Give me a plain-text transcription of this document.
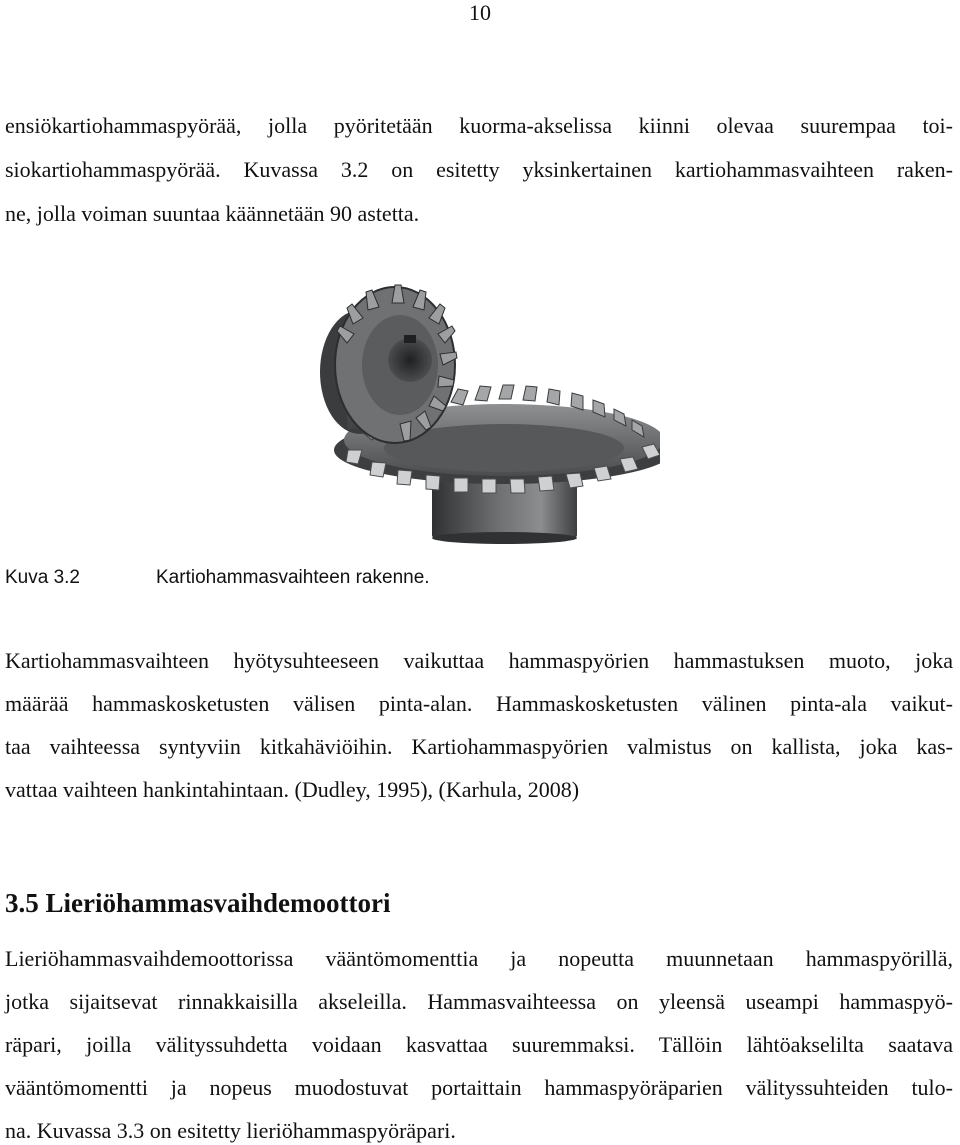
10
ensiökartiohammaspyörää, jolla pyöritetään kuorma-akselissa kiinni olevaa suurempaa toi-
siokartiohammaspyörää. Kuvassa 3.2 on esitetty yksinkertainen kartiohammasvaihteen raken-
ne, jolla voiman suuntaa käännetään 90 astetta.
Kuva 3.2	Kartiohammasvaihteen rakenne.
Kartiohammasvaihteen hyötysuhteeseen vaikuttaa hammaspyörien hammastuksen muoto, joka
määrää hammaskosketusten välisen pinta-alan. Hammaskosketusten välinen pinta-ala vaikut-
taa vaihteessa syntyviin kitkahäviöihin. Kartiohammaspyörien valmistus on kallista, joka kas-
vattaa vaihteen hankintahintaan. (Dudley, 1995), (Karhula, 2008)
3.5 Lieriöhammasvaihdemoottori
Lieriöhammasvaihdemoottorissa vääntömomenttia ja nopeutta muunnetaan hammaspyörillä,
jotka sijaitsevat rinnakkaisilla akseleilla. Hammasvaihteessa on yleensä useampi hammaspyö-
räpari, joilla välityssuhdetta voidaan kasvattaa suuremmaksi. Tällöin lähtöakselilta saatava
vääntömomentti ja nopeus muodostuvat portaittain hammaspyöräparien välityssuhteiden tulo-
na. Kuvassa 3.3 on esitetty lieriöhammaspyöräpari.
